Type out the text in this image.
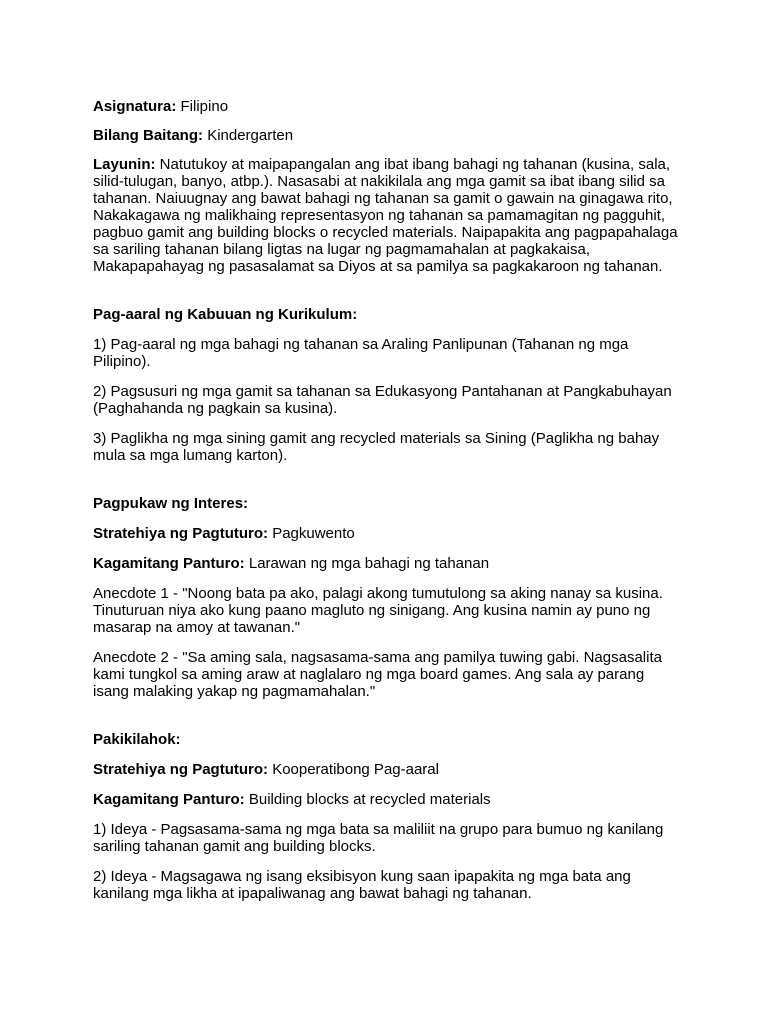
Asignatura: Filipino

Bilang Baitang: Kindergarten

Layunin: Natutukoy at maipapangalan ang ibat ibang bahagi ng tahanan (kusina, sala, silid-tulugan, banyo, atbp.). Nasasabi at nakikilala ang mga gamit sa ibat ibang silid sa tahanan. Naiuugnay ang bawat bahagi ng tahanan sa gamit o gawain na ginagawa rito, Nakakagawa ng malikhaing representasyon ng tahanan sa pamamagitan ng pagguhit, pagbuo gamit ang building blocks o recycled materials. Naipapakita ang pagpapahalaga sa sariling tahanan bilang ligtas na lugar ng pagmamahalan at pagkakaisa, Makapapahayag ng pasasalamat sa Diyos at sa pamilya sa pagkakaroon ng tahanan.

Pag-aaral ng Kabuuan ng Kurikulum:

1) Pag-aaral ng mga bahagi ng tahanan sa Araling Panlipunan (Tahanan ng mga Pilipino).

2) Pagsusuri ng mga gamit sa tahanan sa Edukasyong Pantahanan at Pangkabuhayan (Paghahanda ng pagkain sa kusina).

3) Paglikha ng mga sining gamit ang recycled materials sa Sining (Paglikha ng bahay mula sa mga lumang karton).

Pagpukaw ng Interes:

Stratehiya ng Pagtuturo: Pagkuwento

Kagamitang Panturo: Larawan ng mga bahagi ng tahanan

Anecdote 1 - "Noong bata pa ako, palagi akong tumutulong sa aking nanay sa kusina. Tinuturuan niya ako kung paano magluto ng sinigang. Ang kusina namin ay puno ng masarap na amoy at tawanan."

Anecdote 2 - "Sa aming sala, nagsasama-sama ang pamilya tuwing gabi. Nagsasalita kami tungkol sa aming araw at naglalaro ng mga board games. Ang sala ay parang isang malaking yakap ng pagmamahalan."

Pakikilahok:

Stratehiya ng Pagtuturo: Kooperatibong Pag-aaral

Kagamitang Panturo: Building blocks at recycled materials

1) Ideya - Pagsasama-sama ng mga bata sa maliliit na grupo para bumuo ng kanilang sariling tahanan gamit ang building blocks.

2) Ideya - Magsagawa ng isang eksibisyon kung saan ipapakita ng mga bata ang kanilang mga likha at ipapaliwanag ang bawat bahagi ng tahanan.
